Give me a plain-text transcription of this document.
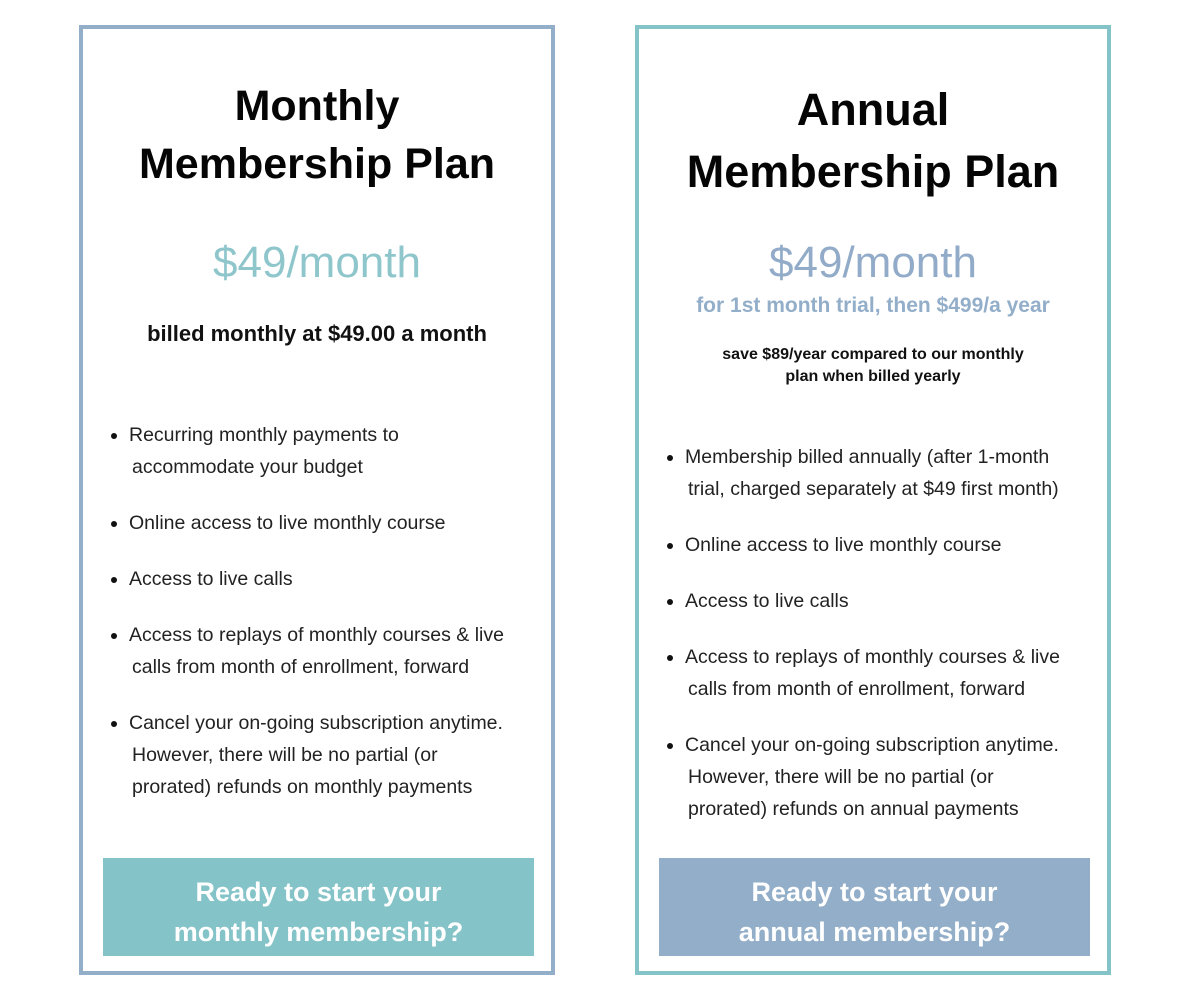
Monthly
Membership Plan
$49/month
billed monthly at $49.00 a month
Recurring monthly payments to
accommodate your budget
Online access to live monthly course
Access to live calls
Access to replays of monthly courses & live
calls from month of enrollment, forward
Cancel your on-going subscription anytime.
However, there will be no partial (or
prorated) refunds on monthly payments
Ready to start your
monthly membership?
Annual
Membership Plan
$49/month
for 1st month trial, then $499/a year
save $89/year compared to our monthly
plan when billed yearly
Membership billed annually (after 1-month
trial, charged separately at $49 first month)
Online access to live monthly course
Access to live calls
Access to replays of monthly courses & live
calls from month of enrollment, forward
Cancel your on-going subscription anytime.
However, there will be no partial (or
prorated) refunds on annual payments
Ready to start your
annual membership?
